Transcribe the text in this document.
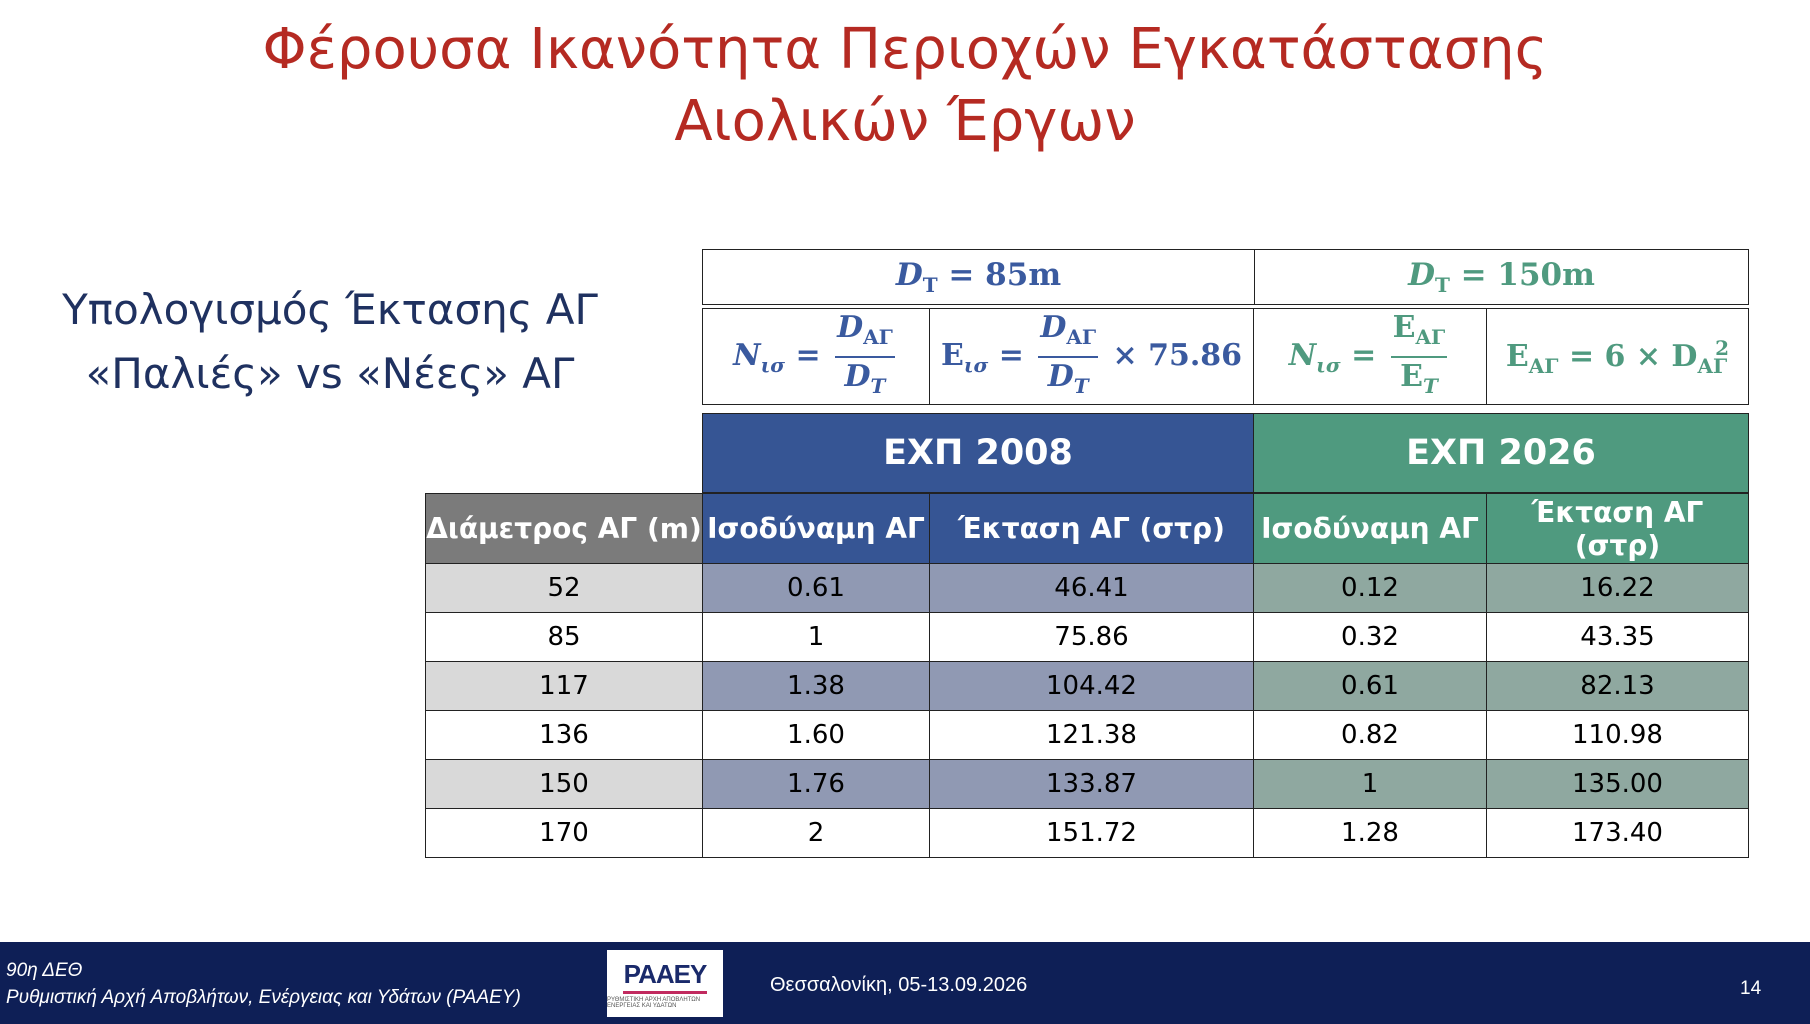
Φέρουσα Ικανότητα Περιοχών Εγκατάστασης
Αιολικών Έργων
Υπολογισμός Έκτασης ΑΓ
«Παλιές» vs «Νέες» ΑΓ
$D_T = 85m$	$D_T = 150m$
$N_{\iota\sigma} = \frac{D_{A\Gamma}}{D_T}$	$E_{\iota\sigma} = \frac{D_{A\Gamma}}{D_T} \times 75.86$	$N_{\iota\sigma} = \frac{E_{A\Gamma}}{E_T}$	$E_{A\Gamma} = 6 \times D_{A\Gamma}^2$
ΕΧΠ 2008	ΕΧΠ 2026
Διάμετρος ΑΓ (m)	Ισοδύναμη ΑΓ	Έκταση ΑΓ (στρ)	Ισοδύναμη ΑΓ	Έκταση ΑΓ (στρ)
52	0.61	46.41	0.12	16.22
85	1	75.86	0.32	43.35
117	1.38	104.42	0.61	82.13
136	1.60	121.38	0.82	110.98
150	1.76	133.87	1	135.00
170	2	151.72	1.28	173.40
90η ΔΕΘ
Ρυθμιστική Αρχή Αποβλήτων, Ενέργειας και Υδάτων (ΡΑΑΕΥ)
ΡΑΑΕΥ
ΡΥΘΜΙΣΤΙΚΗ ΑΡΧΗ ΑΠΟΒΛΗΤΩΝ ΕΝΕΡΓΕΙΑΣ ΚΑΙ ΥΔΑΤΩΝ
Θεσσαλονίκη, 05-13.09.2026	14
